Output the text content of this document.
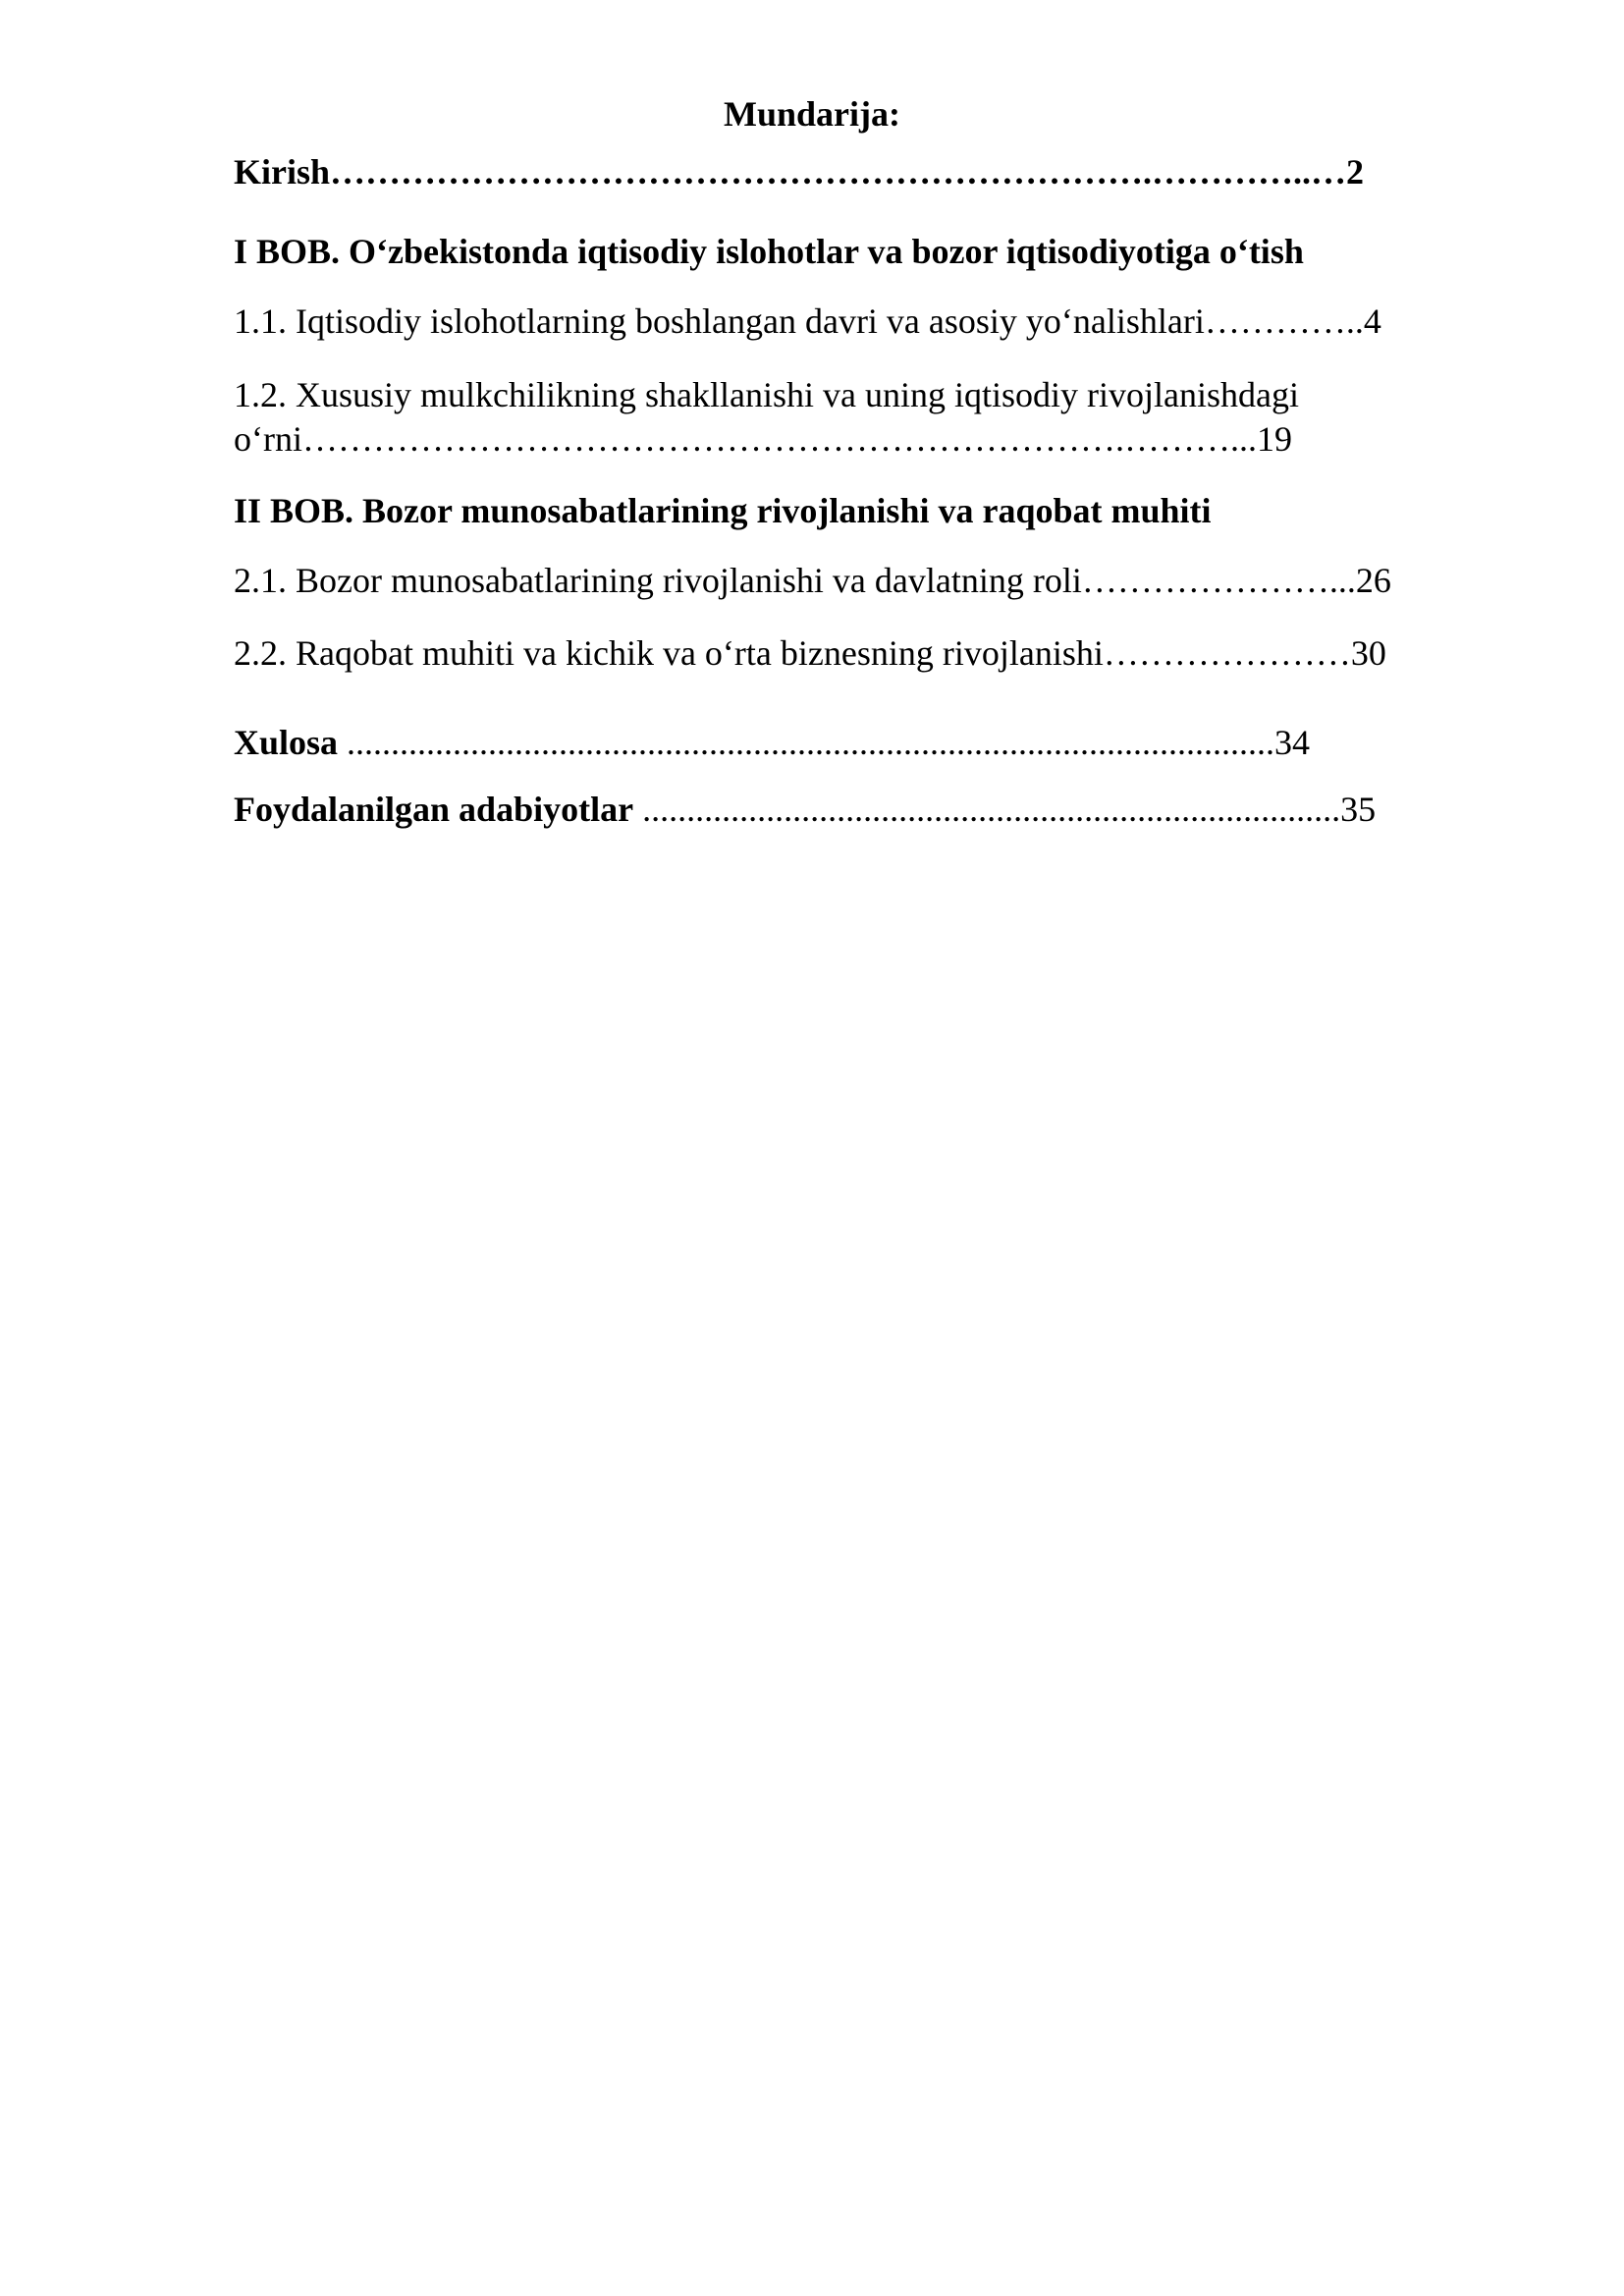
Mundarija:
Kirish…………………………………………………………….…………..…2
I BOB. O‘zbekistonda iqtisodiy islohotlar va bozor iqtisodiyotiga o‘tish
1.1. Iqtisodiy islohotlarning boshlangan davri va asosiy yo‘nalishlari…………..4
1.2. Xususiy mulkchilikning shakllanishi va uning iqtisodiy rivojlanishdagi
o‘rni…………………………………………………………….………...19
II BOB. Bozor munosabatlarining rivojlanishi va raqobat muhiti
2.1. Bozor munosabatlarining rivojlanishi va davlatning roli…………………...26
2.2. Raqobat muhiti va kichik va o‘rta biznesning rivojlanishi…………………30
Xulosa .........................................................................................................34
Foydalanilgan adabiyotlar ...............................................................................35
